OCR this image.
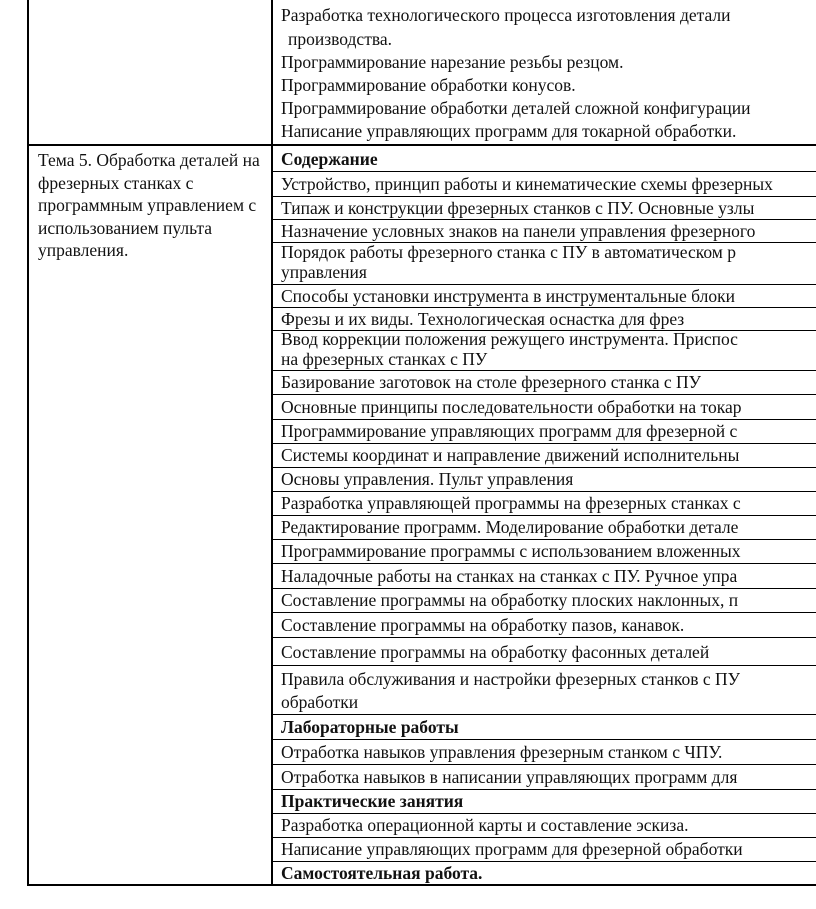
Разработка технологического процесса изготовления детали
производства.
Программирование нарезание резьбы резцом.
Программирование обработки конусов.
Программирование обработки деталей сложной конфигурации
Написание управляющих программ для токарной обработки.
Тема 5. Обработка деталей на фрезерных станках с программным управлением с использованием пульта управления.
Содержание
Устройство, принцип работы и кинематические схемы фрезерных
Типаж и конструкции фрезерных станков с ПУ. Основные узлы
Назначение условных знаков на панели управления фрезерного
Порядок работы фрезерного станка с ПУ в автоматическом р
управления
Способы установки инструмента в инструментальные блоки
Фрезы и их виды. Технологическая оснастка для фрез
Ввод коррекции положения режущего инструмента. Приспос
на фрезерных станках с ПУ
Базирование заготовок на столе фрезерного станка с ПУ
Основные принципы последовательности обработки на токар
Программирование управляющих программ для фрезерной с
Системы координат и направление движений исполнительны
Основы управления. Пульт управления
Разработка управляющей программы на фрезерных станках с
Редактирование программ. Моделирование обработки детале
Программирование программы с использованием вложенных
Наладочные работы на станках на станках с ПУ. Ручное упра
Составление программы на обработку плоских наклонных, п
Составление программы на обработку пазов, канавок.
Составление программы на обработку фасонных деталей
Правила обслуживания и настройки фрезерных станков с ПУ
обработки
Лабораторные работы
Отработка навыков управления фрезерным станком с ЧПУ.
Отработка навыков в написании управляющих программ для
Практические занятия
Разработка операционной карты и составление эскиза.
Написание управляющих программ для фрезерной обработки
Самостоятельная работа.
